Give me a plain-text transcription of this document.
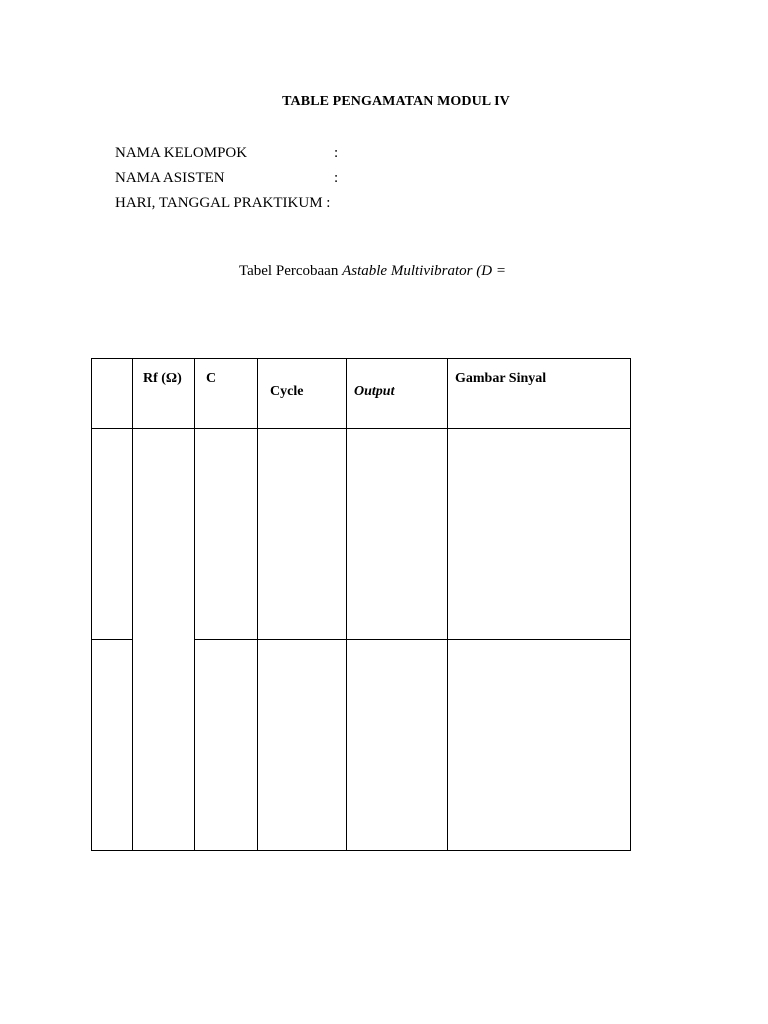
TABLE PENGAMATAN MODUL IV
NAMA KELOMPOK	:
NAMA ASISTEN	:
HARI, TANGGAL PRAKTIKUM :
Tabel Percobaan Astable Multivibrator (D =

	Rf (Ω)	C	Cycle	Output	Gambar Sinyal
